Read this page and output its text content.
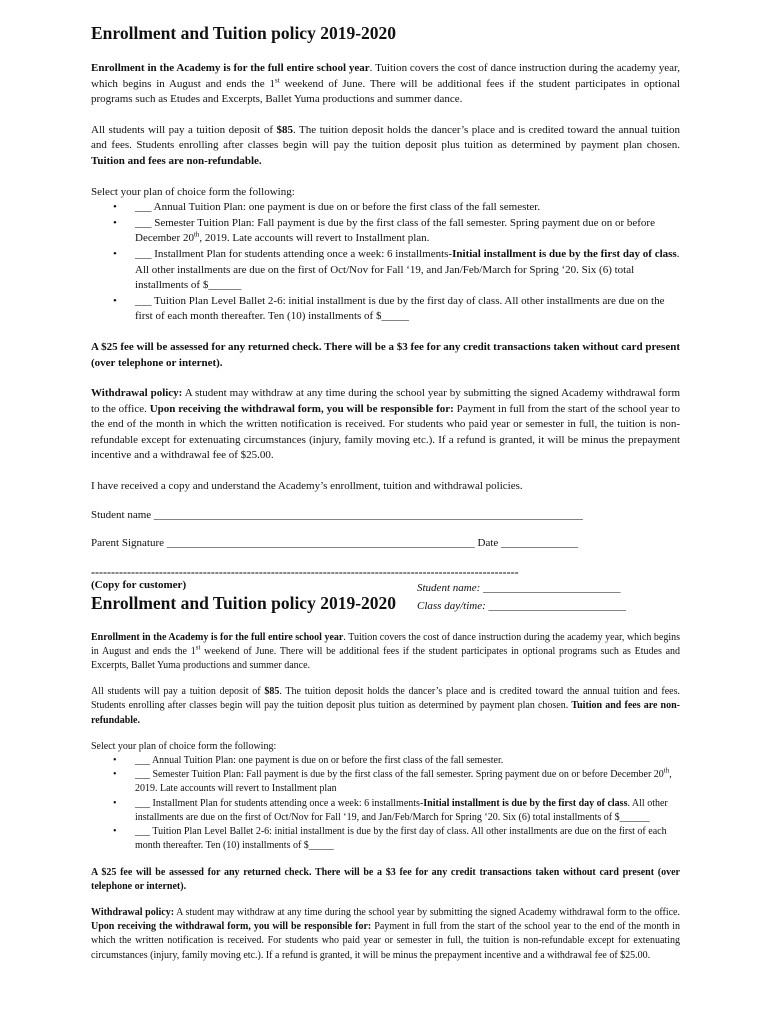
Enrollment and Tuition policy 2019-2020

Enrollment in the Academy is for the full entire school year. Tuition covers the cost of dance instruction during the academy year, which begins in August and ends the 1st weekend of June. There will be additional fees if the student participates in optional programs such as Etudes and Excerpts, Ballet Yuma productions and summer dance.

All students will pay a tuition deposit of $85. The tuition deposit holds the dancer’s place and is credited toward the annual tuition and fees. Students enrolling after classes begin will pay the tuition deposit plus tuition as determined by payment plan chosen. Tuition and fees are non-refundable.

Select your plan of choice form the following:

• ___ Annual Tuition Plan: one payment is due on or before the first class of the fall semester.
• ___ Semester Tuition Plan: Fall payment is due by the first class of the fall semester. Spring payment due on or before December 20th, 2019. Late accounts will revert to Installment plan.
• ___ Installment Plan for students attending once a week: 6 installments-Initial installment is due by the first day of class. All other installments are due on the first of Oct/Nov for Fall ‘19, and Jan/Feb/March for Spring ‘20. Six (6) total installments of $______
• ___ Tuition Plan Level Ballet 2-6: initial installment is due by the first day of class. All other installments are due on the first of each month thereafter. Ten (10) installments of $_____

A $25 fee will be assessed for any returned check. There will be a $3 fee for any credit transactions taken without card present (over telephone or internet).

Withdrawal policy: A student may withdraw at any time during the school year by submitting the signed Academy withdrawal form to the office. Upon receiving the withdrawal form, you will be responsible for: Payment in full from the start of the school year to the end of the month in which the written notification is received. For students who paid year or semester in full, the tuition is non-refundable except for extenuating circumstances (injury, family moving etc.). If a refund is granted, it will be minus the prepayment incentive and a withdrawal fee of $25.00.

I have received a copy and understand the Academy’s enrollment, tuition and withdrawal policies.

Student name ______________________________________________________________________________
Parent Signature ________________________________________________________ Date ______________
-----------------------------------------------------------------------------------------------------------
(Copy for customer)
Enrollment and Tuition policy 2019-2020
Student name: _________________________
Class day/time: _________________________

Enrollment in the Academy is for the full entire school year. Tuition covers the cost of dance instruction during the academy year, which begins in August and ends the 1st weekend of June. There will be additional fees if the student participates in optional programs such as Etudes and Excerpts, Ballet Yuma productions and summer dance.

All students will pay a tuition deposit of $85. The tuition deposit holds the dancer’s place and is credited toward the annual tuition and fees. Students enrolling after classes begin will pay the tuition deposit plus tuition as determined by payment plan chosen. Tuition and fees are non-refundable.

Select your plan of choice form the following:

• ___ Annual Tuition Plan: one payment is due on or before the first class of the fall semester.
• ___ Semester Tuition Plan: Fall payment is due by the first class of the fall semester. Spring payment due on or before December 20th, 2019. Late accounts will revert to Installment plan
• ___ Installment Plan for students attending once a week: 6 installments-Initial installment is due by the first day of class. All other installments are due on the first of Oct/Nov for Fall ‘19, and Jan/Feb/March for Spring ‘20. Six (6) total installments of $______
• ___ Tuition Plan Level Ballet 2-6: initial installment is due by the first day of class. All other installments are due on the first of each month thereafter. Ten (10) installments of $_____

A $25 fee will be assessed for any returned check. There will be a $3 fee for any credit transactions taken without card present (over telephone or internet).

Withdrawal policy: A student may withdraw at any time during the school year by submitting the signed Academy withdrawal form to the office. Upon receiving the withdrawal form, you will be responsible for: Payment in full from the start of the school year to the end of the month in which the written notification is received. For students who paid year or semester in full, the tuition is non-refundable except for extenuating circumstances (injury, family moving etc.). If a refund is granted, it will be minus the prepayment incentive and a withdrawal fee of $25.00.
